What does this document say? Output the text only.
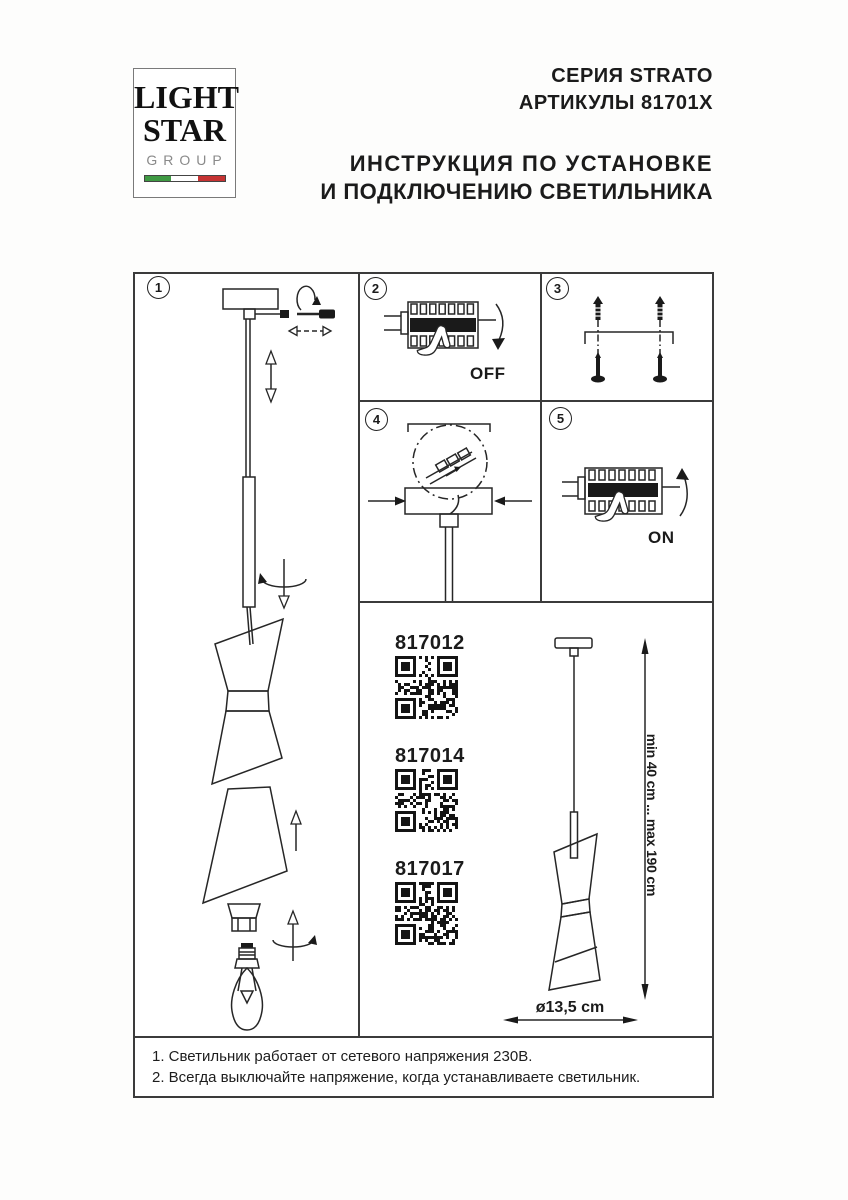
LIGHT
STAR
GROUP
СЕРИЯ STRATO
АРТИКУЛЫ 81701X
ИНСТРУКЦИЯ ПО УСТАНОВКЕ
И ПОДКЛЮЧЕНИЮ СВЕТИЛЬНИКА
1	2	3
4	5
OFF
ON
817012
817014
817017	min 40 cm ... max 190 cm
ø13,5 cm
1. Светильник работает от сетевого напряжения 230В.
2. Всегда выключайте напряжение, когда устанавливаете светильник.
